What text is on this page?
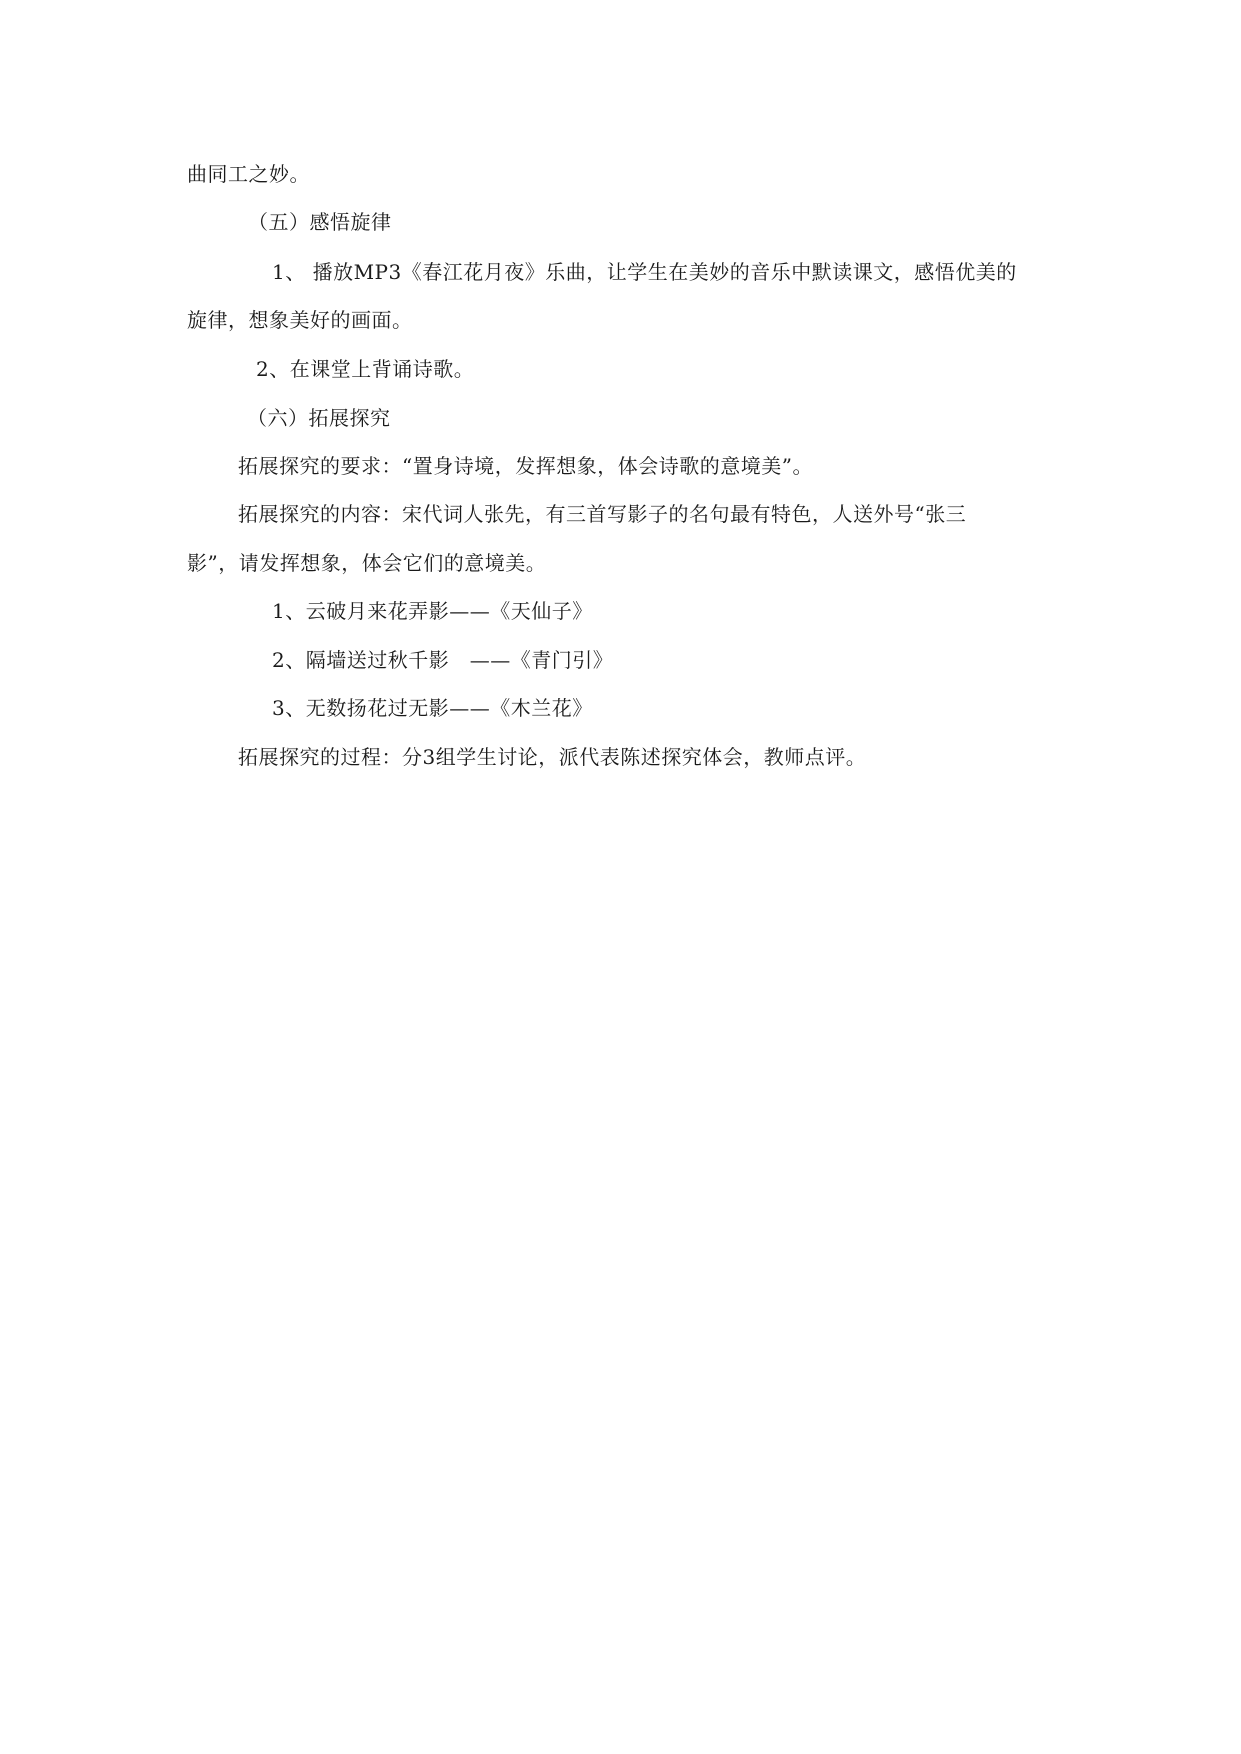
曲同工之妙。
（五）感悟旋律
1、 播放MP3《春江花月夜》乐曲，让学生在美妙的音乐中默读课文，感悟优美的
旋律，想象美好的画面。
2、在课堂上背诵诗歌。
（六）拓展探究
拓展探究的要求：“置身诗境，发挥想象，体会诗歌的意境美”。
拓展探究的内容：宋代词人张先，有三首写影子的名句最有特色，人送外号“张三
影”，请发挥想象，体会它们的意境美。
1、云破月来花弄影——《天仙子》
2、隔墙送过秋千影　——《青门引》
3、无数扬花过无影——《木兰花》
拓展探究的过程：分3组学生讨论，派代表陈述探究体会，教师点评。
